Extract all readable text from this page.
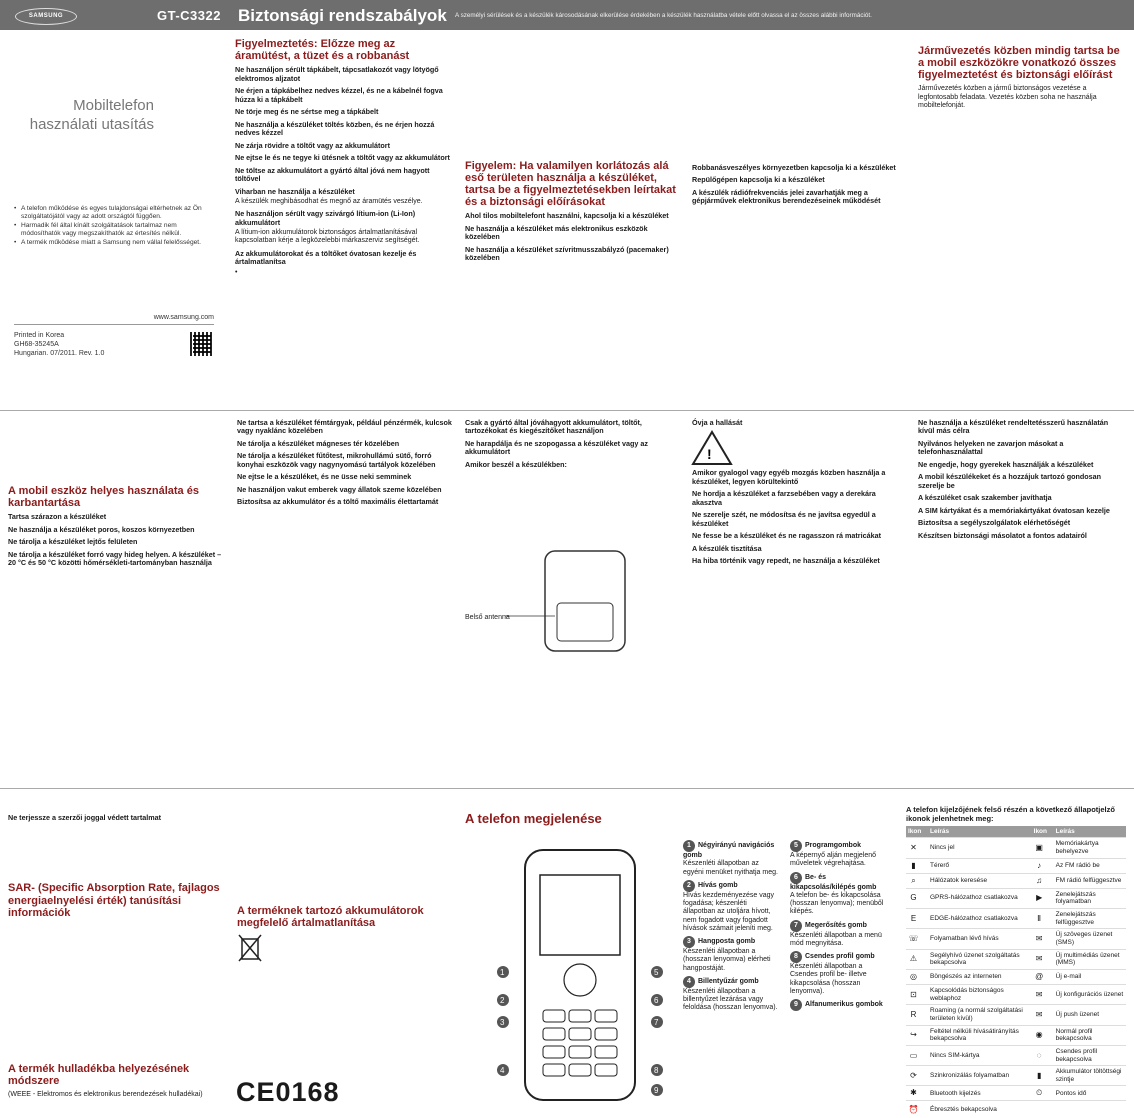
SAMSUNG	GT-C3322 Biztonsági rendszabályok A személyi sérülések és a készülék károsodásának elkerülése érdekében a készülék használatba vétele előtt olvassa el az összes alábbi információt.
Mobiltelefon
használati utasítás
• A telefon működése és egyes tulajdonságai eltérhetnek az Ön szolgáltatójától vagy az adott országtól függően.
• Harmadik fél által kínált szolgáltatások tartalmaz nem módosíthatók vagy megszakíthatók az értesítés nélkül.
• A termék működése miatt a Samsung nem vállal felelősséget.
www.samsung.com
Printed in Korea
GH68-35245A
Hungarian. 07/2011. Rev. 1.0
Figyelmeztetés: Előzze meg az áramütést, a tüzet és a robbanást
Ne használjon sérült tápkábelt, tápcsatlakozót vagy lötyögő elektromos aljzatot
Ne érjen a tápkábelhez nedves kézzel, és ne a kábelnél fogva húzza ki a tápkábelt
Ne törje meg és ne sértse meg a tápkábelt
Ne használja a készüléket töltés közben, és ne érjen hozzá nedves kézzel
Ne zárja rövidre a töltőt vagy az akkumulátort
Ne ejtse le és ne tegye ki ütésnek a töltőt vagy az akkumulátort
Ne töltse az akkumulátort a gyártó által jóvá nem hagyott töltővel
Viharban ne használja a készüléket
A készülék meghibásodhat és megnő az áramütés veszélye.
Ne használjon sérült vagy szivárgó lítium-ion (Li-Ion) akkumulátort
A lítium-ion akkumulátorok biztonságos ártalmatlanításával kapcsolatban kérje a legközelebbi márkaszerviz segítségét.
Az akkumulátorokat és a töltőket óvatosan kezelje és ártalmatlanítsa
•
Figyelem: Ha valamilyen korlátozás alá eső területen használja a készüléket, tartsa be a figyelmeztetésekben leírtakat és a biztonsági előírásokat
Ahol tilos mobiltelefont használni, kapcsolja ki a készüléket
Ne használja a készüléket más elektronikus eszközök közelében
Ne használja a készüléket szívritmusszabályzó (pacemaker) közelében
Robbanásveszélyes környezetben kapcsolja ki a készüléket
Repülőgépen kapcsolja ki a készüléket
A készülék rádiófrekvenciás jelei zavarhatják meg a gépjárművek elektronikus berendezéseinek működését
Járművezetés közben mindig tartsa be a mobil eszközökre vonatkozó összes figyelmeztetést és biztonsági előírást
Járművezetés közben a jármű biztonságos vezetése a legfontosabb feladata. Vezetés közben soha ne használja mobiltelefonját.
A mobil eszköz helyes használata és karbantartása
Tartsa szárazon a készüléket
Ne használja a készüléket poros, koszos környezetben
Ne tárolja a készüléket lejtős felületen
Ne tárolja a készüléket forró vagy hideg helyen. A készüléket –20 °C és 50 °C közötti hőmérsékleti-tartományban használja
Ne tartsa a készüléket fémtárgyak, például pénzérmék, kulcsok vagy nyaklánc közelében
Ne tárolja a készüléket mágneses tér közelében
Ne tárolja a készüléket fűtőtest, mikrohullámú sütő, forró konyhai eszközök vagy nagynyomású tartályok közelében
Ne ejtse le a készüléket, és ne üsse neki semminek
Ne használjon vakut emberek vagy állatok szeme közelében
Biztosítsa az akkumulátor és a töltő maximális élettartamát
Csak a gyártó által jóváhagyott akkumulátort, töltőt, tartozékokat és kiegészítőket használjon
Ne harapdálja és ne szopogassa a készüléket vagy az akkumulátort
Amikor beszél a készülékben:
Belső antenna
Óvja a hallását
!
Amikor gyalogol vagy egyéb mozgás közben használja a készüléket, legyen körültekintő
Ne hordja a készüléket a farzsebében vagy a derekára akasztva
Ne szerelje szét, ne módosítsa és ne javítsa egyedül a készüléket
Ne fesse be a készüléket és ne ragasszon rá matricákat
A készülék tisztítása
Ha hiba történik vagy repedt, ne használja a készüléket
Ne használja a készüléket rendeltetésszerű használatán kívül más célra
Nyilvános helyeken ne zavarjon másokat a telefonhasználattal
Ne engedje, hogy gyerekek használják a készüléket
A mobil készülékeket és a hozzájuk tartozó gondosan szerelje be
A készüléket csak szakember javíthatja
A SIM kártyákat és a memóriakártyákat óvatosan kezelje
Biztosítsa a segélyszolgálatok elérhetőségét
Készítsen biztonsági másolatot a fontos adatairól
Ne terjessze a szerzői joggal védett tartalmat
SAR- (Specific Absorption Rate, fajlagos energiaelnyelési érték) tanúsítási információk
A termék hulladékba helyezésének módszere
(WEEE - Elektromos és elektronikus berendezések hulladékai)
A terméknek tartozó akkumulátorok megfelelő ártalmatlanítása
CE0168
A telefon megjelenése
1
2
3
4
5
6
7
8
9
1 Négyirányú navigációs gomb
Készenléti állapotban az egyéni menüket nyithatja meg.
2 Hívás gomb
Hívás kezdeményezése vagy fogadása; készenléti állapotban az utoljára hívott, nem fogadott vagy fogadott hívások számait jeleníti meg.
3 Hangposta gomb
Készenléti állapotban a (hosszan lenyomva) elérheti hangpostáját.
4 Billentyűzár gomb
Készenléti állapotban a billentyűzet lezárása vagy feloldása (hosszan lenyomva).
5 Programgombok
A képernyő alján megjelenő műveletek végrehajtása.
6 Be- és kikapcsolás/kilépés gomb
A telefon be- és kikapcsolása (hosszan lenyomva); menüből kilépés.
7 Megerősítés gomb
Készenléti állapotban a menü mód megnyitása.
8 Csendes profil gomb
Készenléti állapotban a Csendes profil be- illetve kikapcsolása (hosszan lenyomva).
9 Alfanumerikus gombok
A telefon kijelzőjének felső részén a következő állapotjelző ikonok jelenhetnek meg:
Ikon	Leírás	Ikon	Leírás
✕	Nincs jel	▣	Memóriakártya behelyezve
▮	Térerő	♪	Az FM rádió be
⌕	Hálózatok keresése	♫	FM rádió felfüggesztve
G	GPRS-hálózathoz csatlakozva	▶	Zenelejátszás folyamatban
E	EDGE-hálózathoz csatlakozva	Ⅱ	Zenelejátszás felfüggesztve
☏	Folyamatban lévő hívás	✉	Új szöveges üzenet (SMS)
⚠	Segélyhívó üzenet szolgáltatás bekapcsolva	✉	Új multimédiás üzenet (MMS)
◎	Böngészés az interneten	@	Új e-mail
⊡	Kapcsolódás biztonságos weblaphoz	✉	Új konfigurációs üzenet
R	Roaming (a normál szolgáltatási területen kívül)	✉	Új push üzenet
↪	Feltétel nélküli hívásátirányítás bekapcsolva	◉	Normál profil bekapcsolva
▭	Nincs SIM-kártya	◌	Csendes profil bekapcsolva
⟳	Szinkronizálás folyamatban	▮	Akkumulátor töltöttségi szintje
✱	Bluetooth kijelzés	⏲	Pontos idő
⏰	Ébresztés bekapcsolva		
